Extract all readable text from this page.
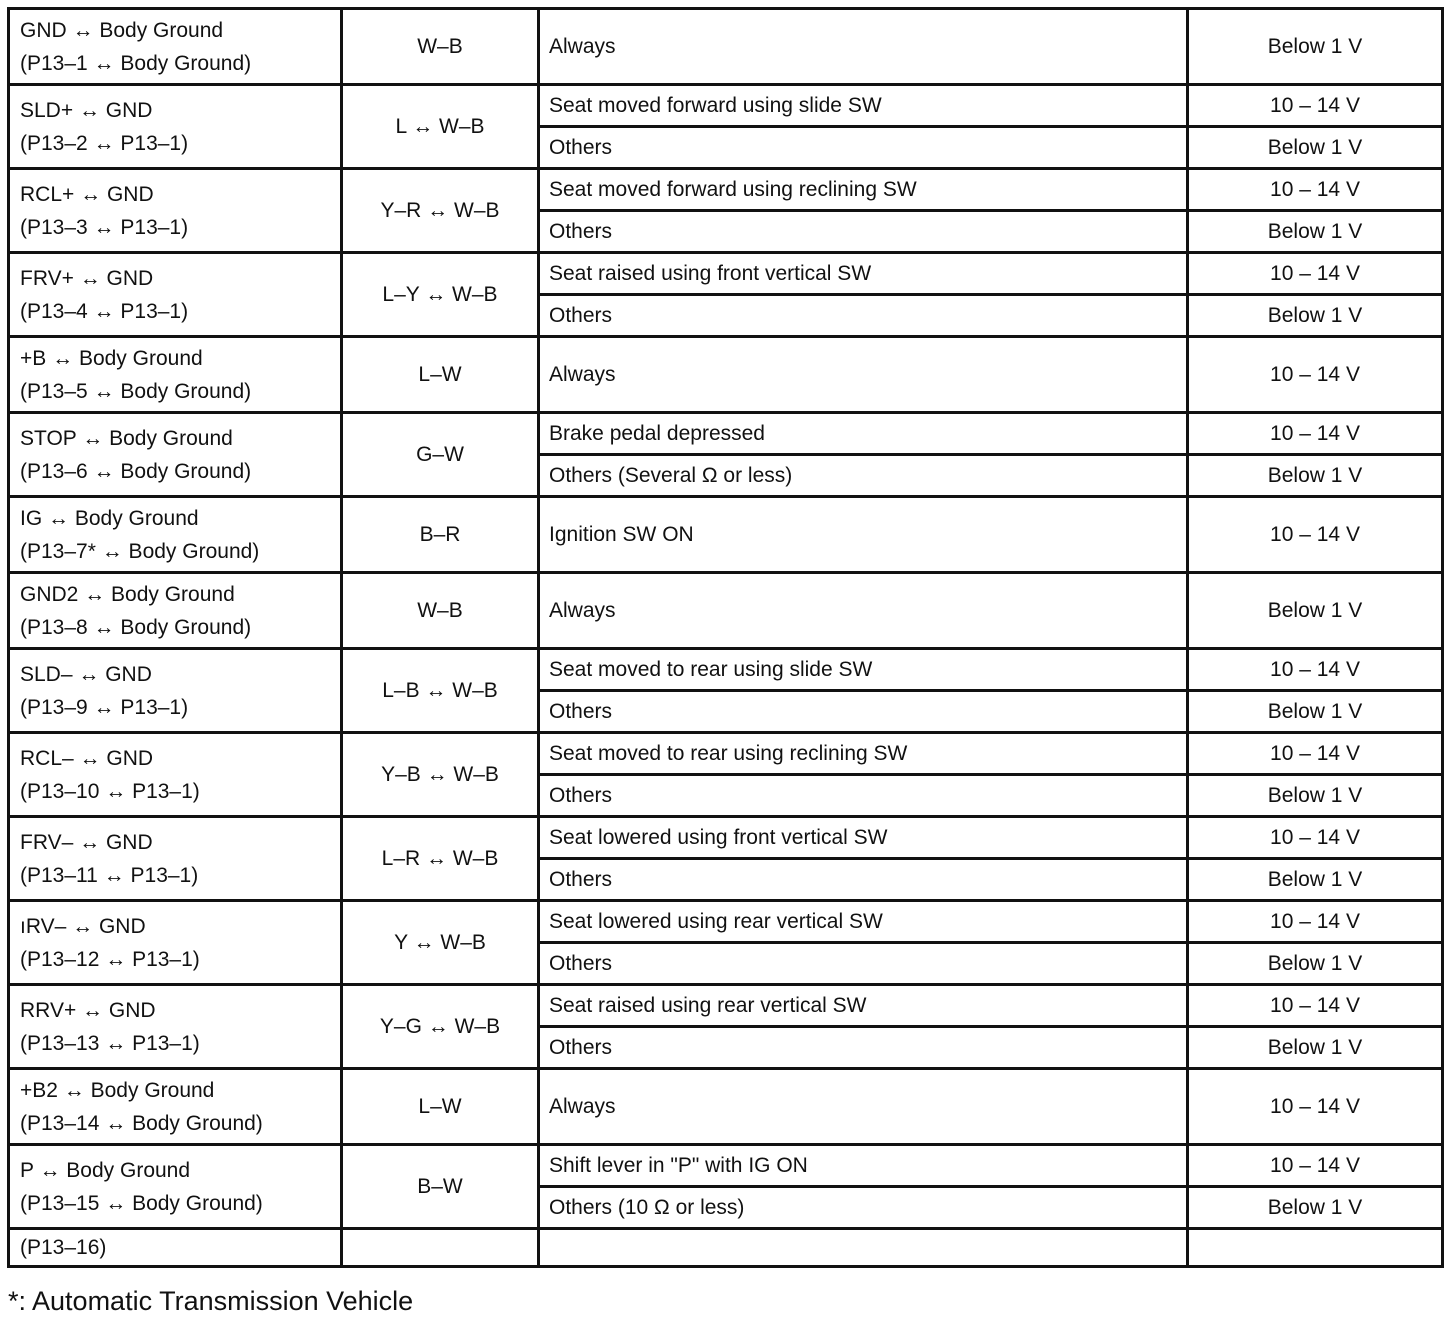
GND ↔ Body Ground
(P13–1 ↔ Body Ground)	W–B	Always	Below 1 V

SLD+ ↔ GND
(P13–2 ↔ P13–1)	L ↔ W–B	Seat moved forward using slide SW	10 – 14 V
		Others	Below 1 V

RCL+ ↔ GND
(P13–3 ↔ P13–1)	Y–R ↔ W–B	Seat moved forward using reclining SW	10 – 14 V
		Others	Below 1 V

FRV+ ↔ GND
(P13–4 ↔ P13–1)	L–Y ↔ W–B	Seat raised using front vertical SW	10 – 14 V
		Others	Below 1 V

+B ↔ Body Ground
(P13–5 ↔ Body Ground)	L–W	Always	10 – 14 V

STOP ↔ Body Ground
(P13–6 ↔ Body Ground)	G–W	Brake pedal depressed	10 – 14 V
		Others (Several Ω or less)	Below 1 V

IG ↔ Body Ground
(P13–7* ↔ Body Ground)	B–R	Ignition SW ON	10 – 14 V

GND2 ↔ Body Ground
(P13–8 ↔ Body Ground)	W–B	Always	Below 1 V

SLD– ↔ GND
(P13–9 ↔ P13–1)	L–B ↔ W–B	Seat moved to rear using slide SW	10 – 14 V
		Others	Below 1 V

RCL– ↔ GND
(P13–10 ↔ P13–1)	Y–B ↔ W–B	Seat moved to rear using reclining SW	10 – 14 V
		Others	Below 1 V

FRV– ↔ GND
(P13–11 ↔ P13–1)	L–R ↔ W–B	Seat lowered using front vertical SW	10 – 14 V
		Others	Below 1 V

ıRV– ↔ GND
(P13–12 ↔ P13–1)	Y ↔ W–B	Seat lowered using rear vertical SW	10 – 14 V
		Others	Below 1 V

RRV+ ↔ GND
(P13–13 ↔ P13–1)	Y–G ↔ W–B	Seat raised using rear vertical SW	10 – 14 V
		Others	Below 1 V

+B2 ↔ Body Ground
(P13–14 ↔ Body Ground)	L–W	Always	10 – 14 V

P ↔ Body Ground
(P13–15 ↔ Body Ground)	B–W	Shift lever in "P" with IG ON	10 – 14 V
		Others (10 Ω or less)	Below 1 V

(P13–16)			

*: Automatic Transmission Vehicle
